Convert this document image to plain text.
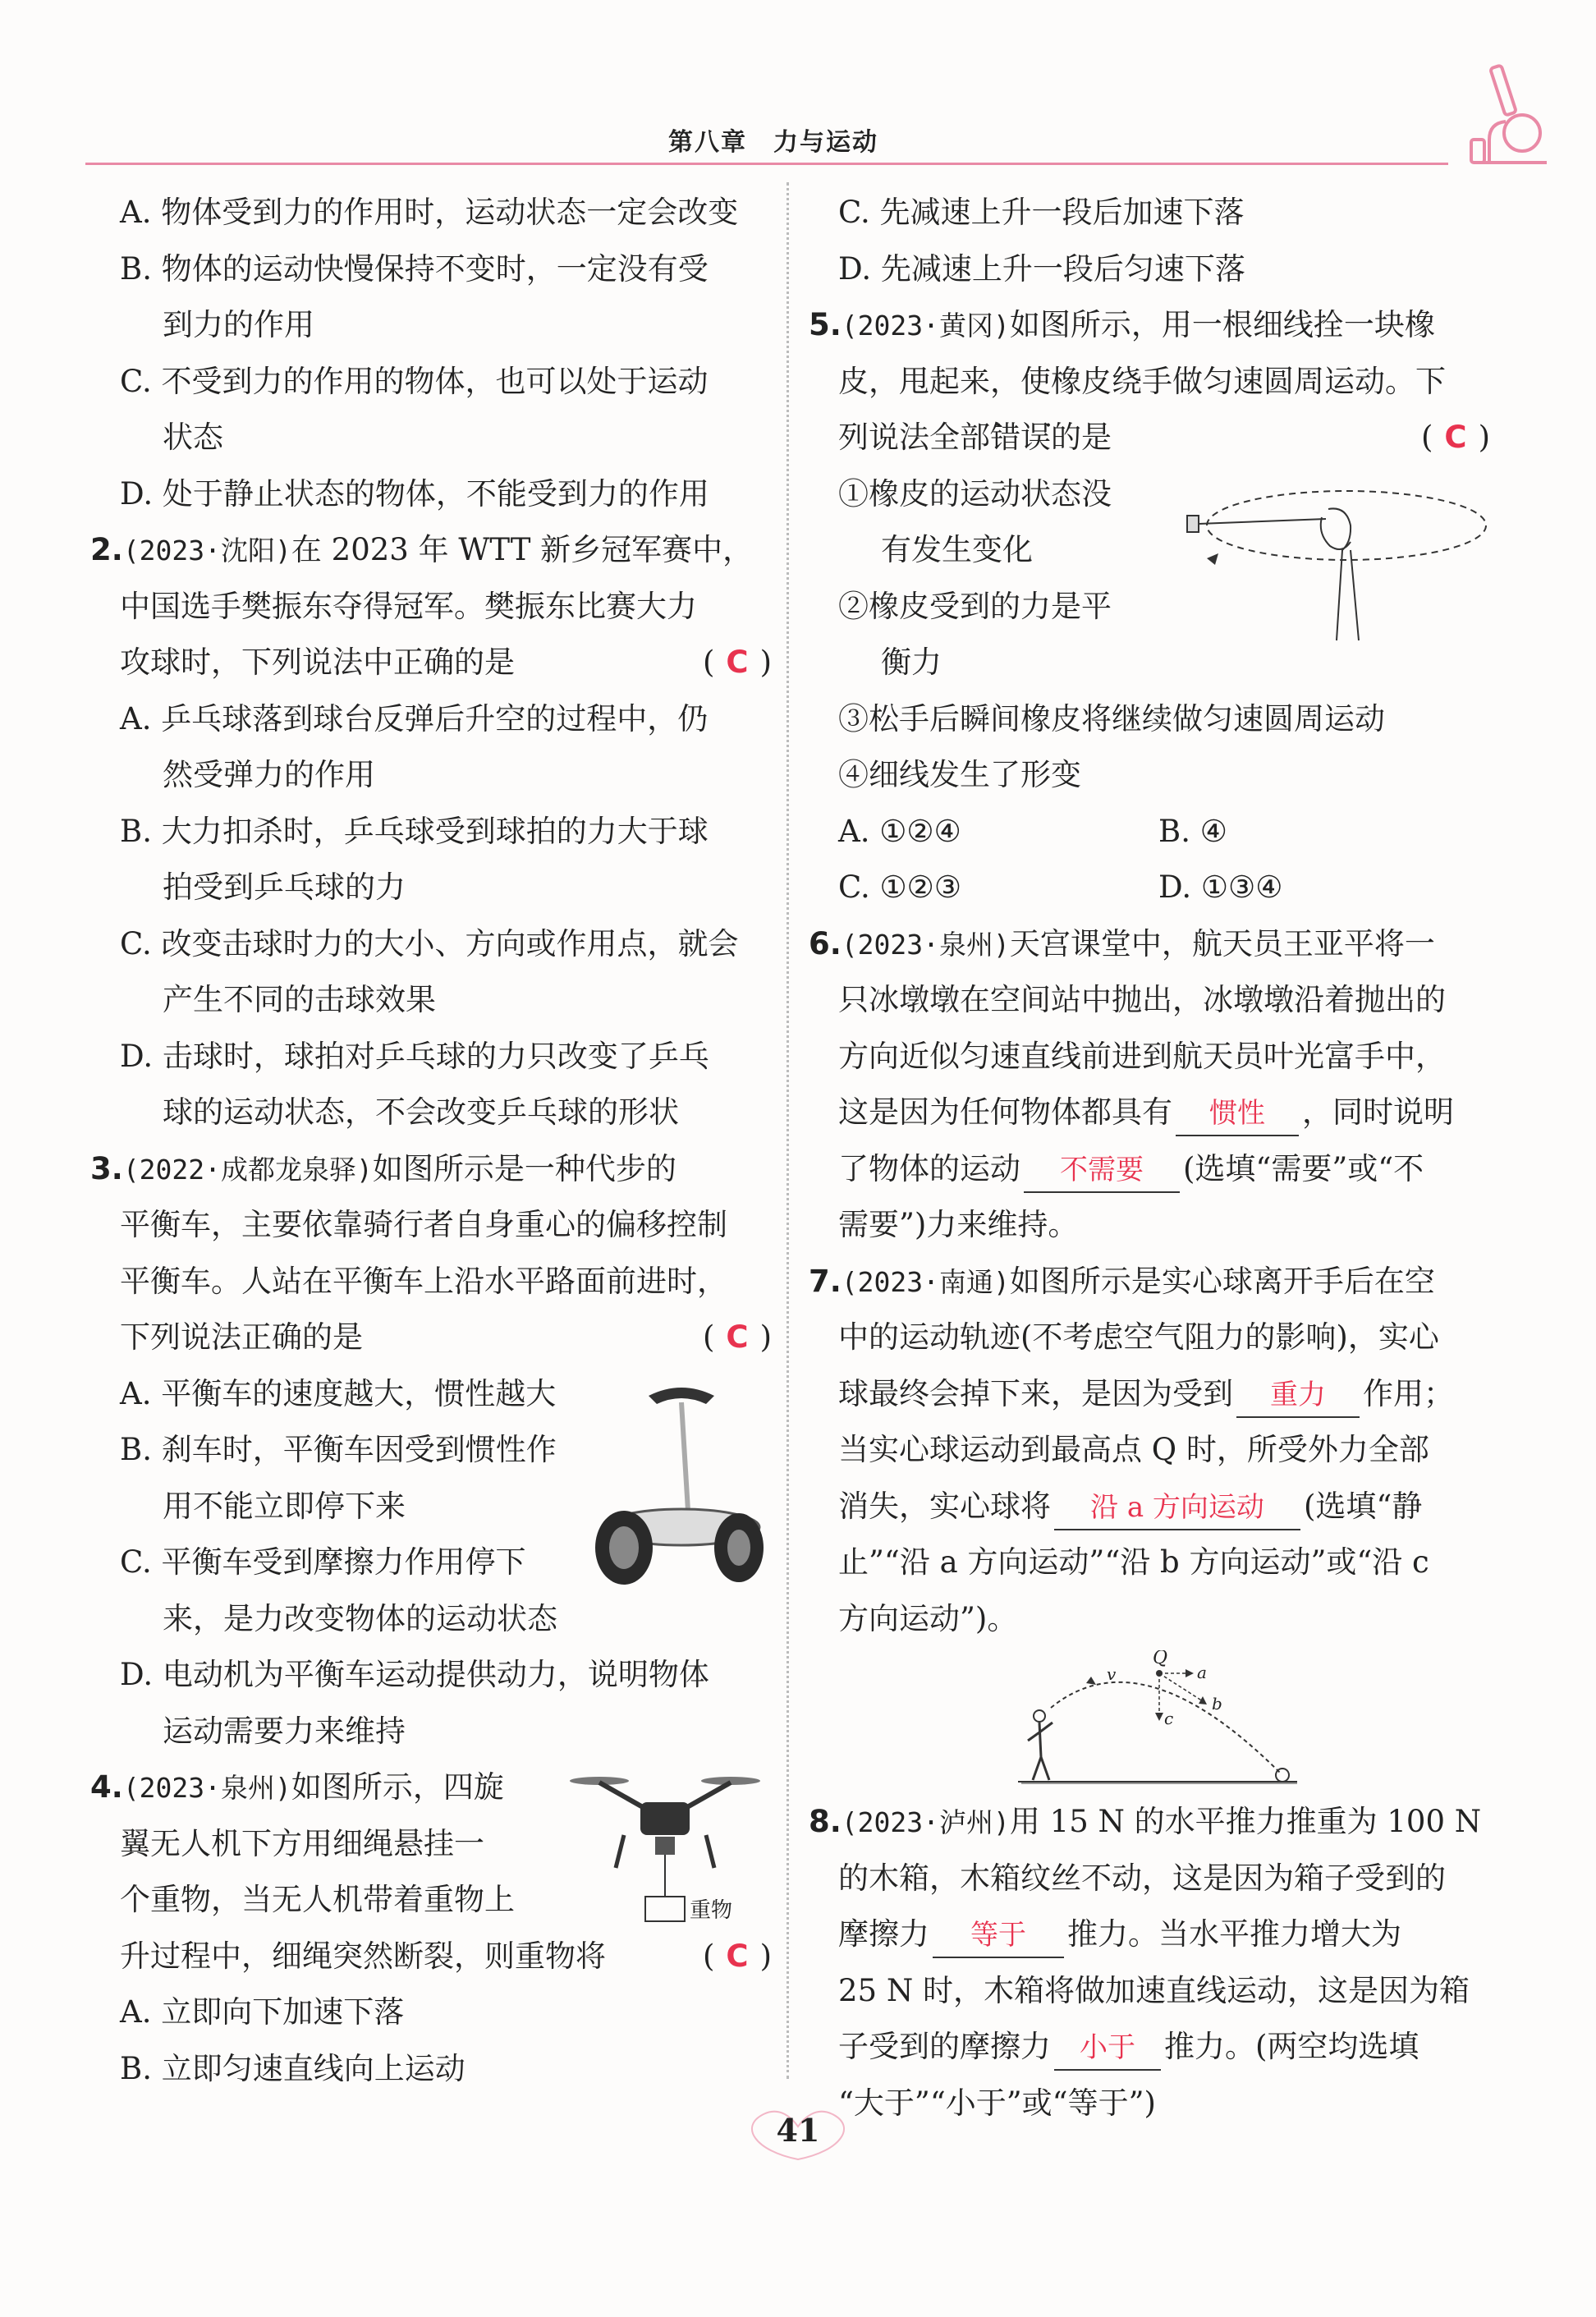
第八章　 力与运动
A. 物体受到力的作用时，运动状态一定会改变
B. 物体的运动快慢保持不变时，一定没有受
到力的作用
C. 不受到力的作用的物体，也可以处于运动
状态
D. 处于静止状态的物体，不能受到力的作用
2.(2023·沈阳)在 2023 年 WTT 新乡冠军赛中，
中国选手樊振东夺得冠军。樊振东比赛大力
攻球时，下列说法中正确的是	( C )
A. 乒乓球落到球台反弹后升空的过程中，仍
然受弹力的作用
B. 大力扣杀时，乒乓球受到球拍的力大于球
拍受到乒乓球的力
C. 改变击球时力的大小、方向或作用点，就会
产生不同的击球效果
D. 击球时，球拍对乒乓球的力只改变了乒乓
球的运动状态，不会改变乒乓球的形状
3.(2022·成都龙泉驿)如图所示是一种代步的
平衡车，主要依靠骑行者自身重心的偏移控制
平衡车。人站在平衡车上沿水平路面前进时，
下列说法正确的是	( C )
A. 平衡车的速度越大，惯性越大
B. 刹车时，平衡车因受到惯性作
用不能立即停下来
C. 平衡车受到摩擦力作用停下
来，是力改变物体的运动状态
D. 电动机为平衡车运动提供动力，说明物体
运动需要力来维持
4.(2023·泉州)如图所示，四旋
翼无人机下方用细绳悬挂一
个重物，当无人机带着重物上
升过程中，细绳突然断裂，则重物将	( C )
A. 立即向下加速下落
B. 立即匀速直线向上运动
重物
C. 先减速上升一段后加速下落
D. 先减速上升一段后匀速下落
5.(2023·黄冈)如图所示，用一根细线拴一块橡
皮，甩起来，使橡皮绕手做匀速圆周运动。下
列说法全部错误 • •的是	( C )
①橡皮的运动状态没
有发生变化
②橡皮受到的力是平
衡力
③松手后瞬间橡皮将继续做匀速圆周运动
④细线发生了形变
A. ①②④	B. ④
C. ①②③	D. ①③④
6.(2023·泉州)天宫课堂中，航天员王亚平将一
只冰墩墩在空间站中抛出，冰墩墩沿着抛出的
方向近似匀速直线前进到航天员叶光富手中，
这是因为任何物体都具有 惯性 ，同时说明
了物体的运动 不需要 (选填“需要”或“不
需要”)力来维持。
7.(2023·南通)如图所示是实心球离开手后在空
中的运动轨迹(不考虑空气阻力的影响)，实心
球最终会掉下来，是因为受到 重力 作用；
当实心球运动到最高点 Q 时，所受外力全部
消失，实心球将 沿 a 方向运动 (选填“静
止”“沿 a 方向运动”“沿 b 方向运动”或“沿 c
方向运动”)。
Q
v	a
b
c
8.(2023·泸州)用 15 N 的水平推力推重为 100 N
的木箱，木箱纹丝不动，这是因为箱子受到的
摩擦力 等于 推力。当水平推力增大为
25 N 时，木箱将做加速直线运动，这是因为箱
子受到的摩擦力 小于 推力。(两空均选填
“大于”“小于”或“等于”)
41
